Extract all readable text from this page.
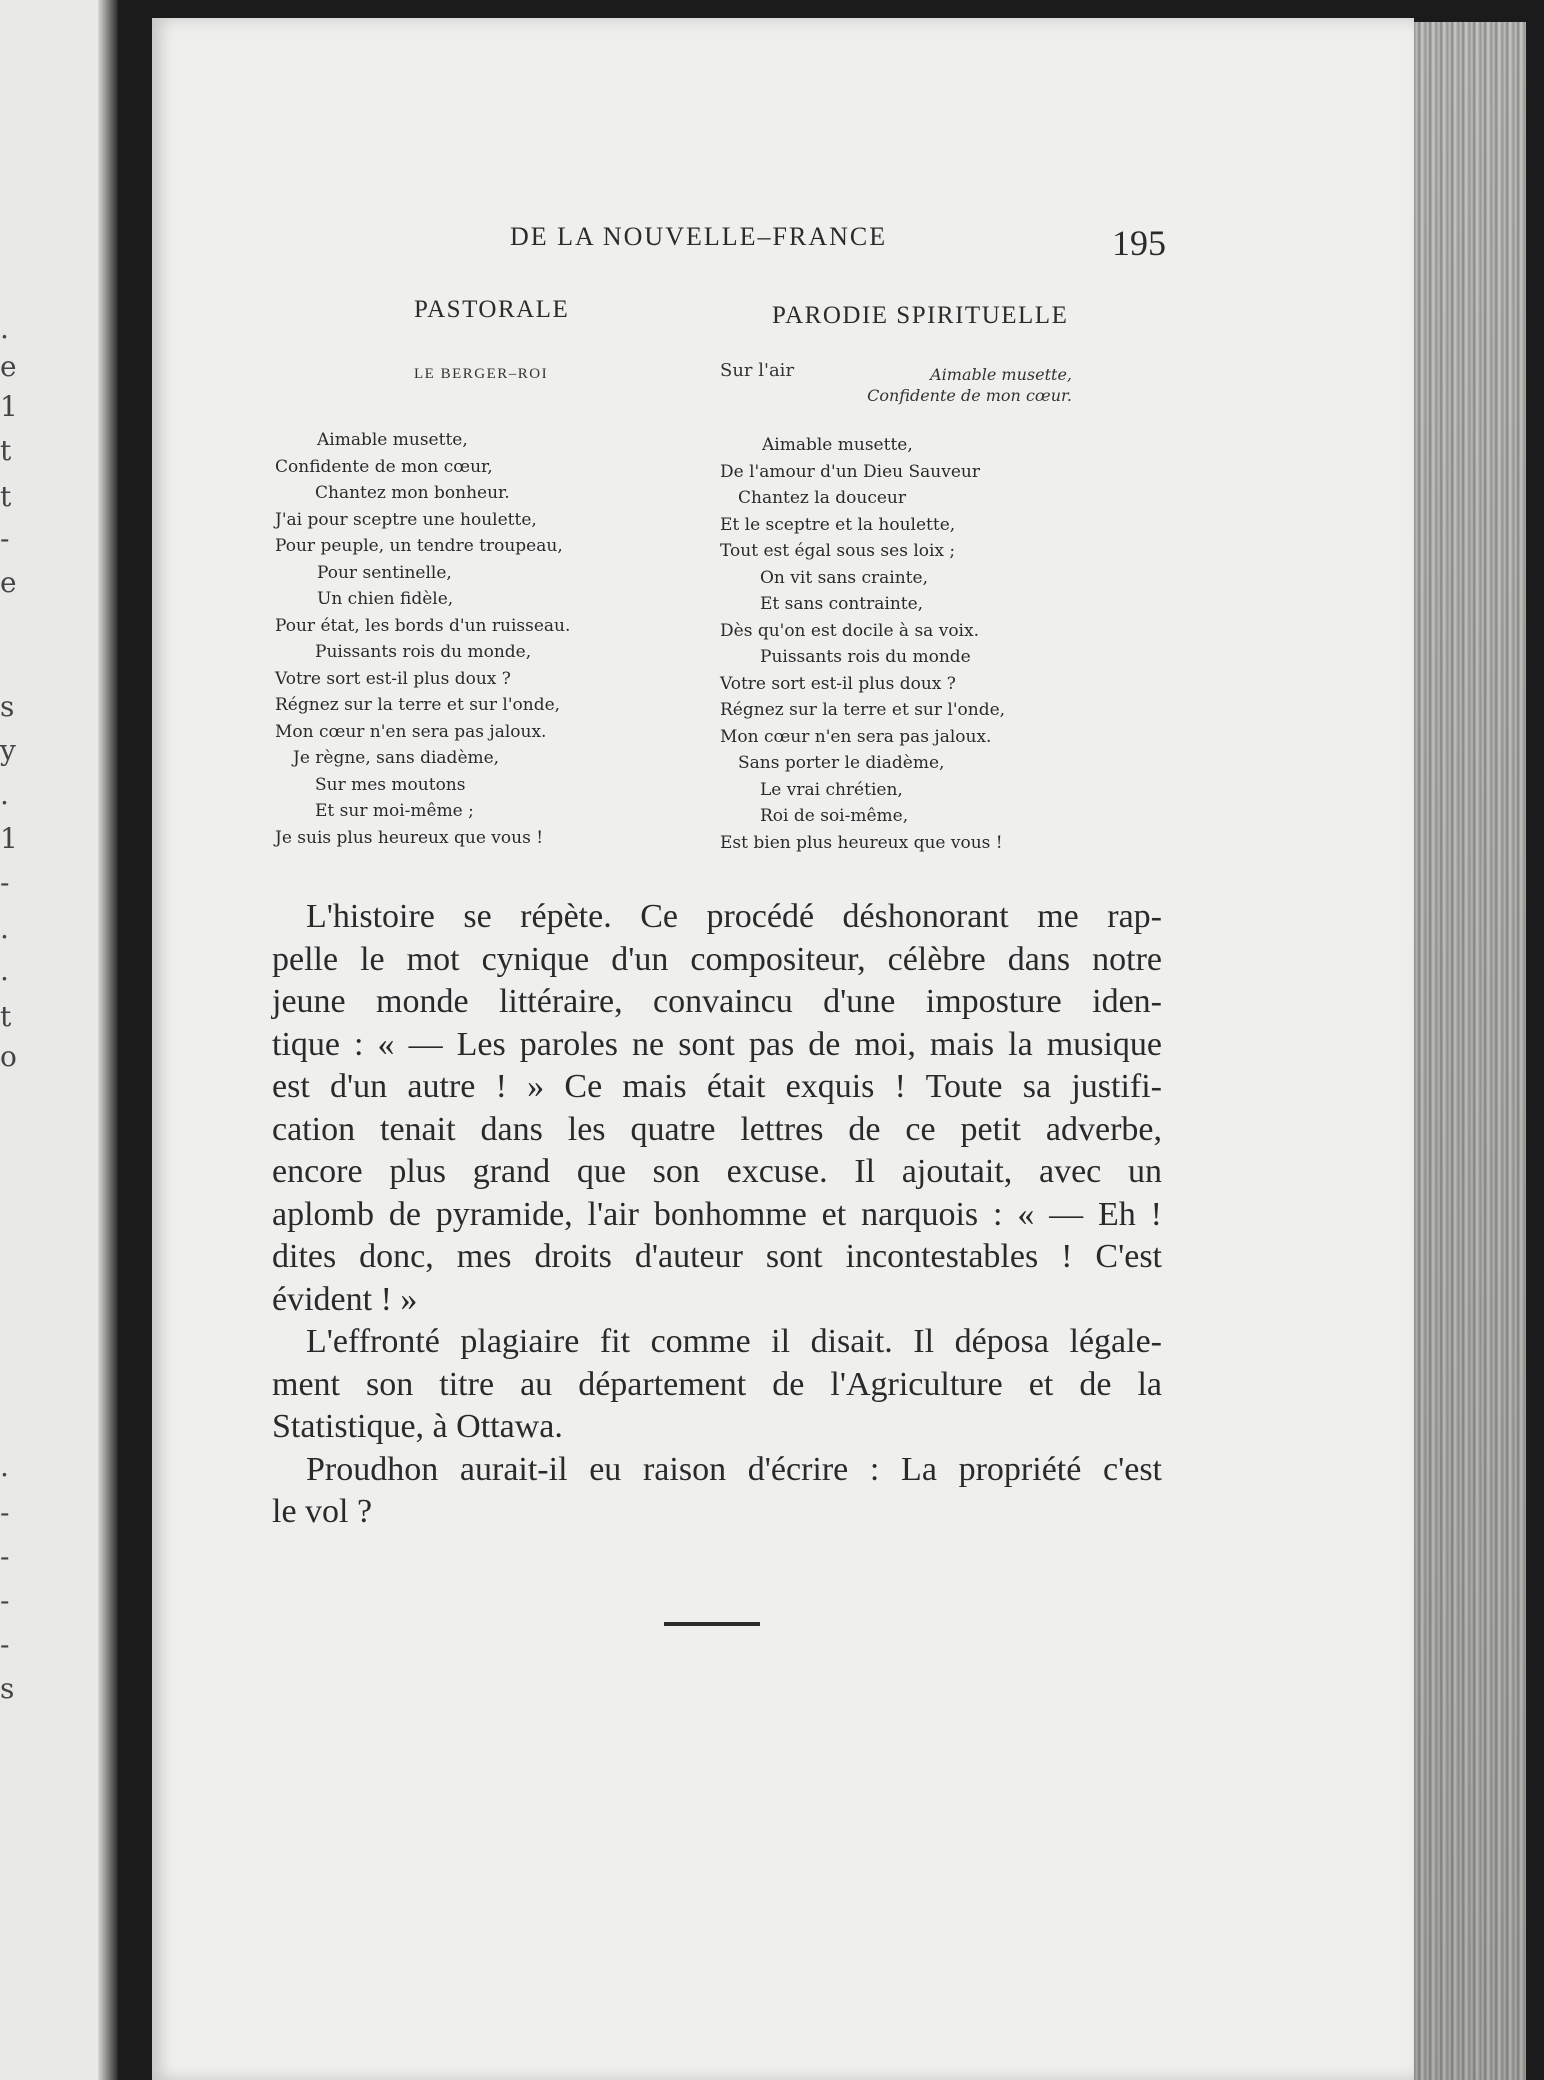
.
e
1
t
t
-
e
s
y
.
1
-
.
.
t
o
.
-
-
-
-
s
DE LA NOUVELLE–FRANCE	195
PASTORALE
LE BERGER–ROI
Aimable musette,
Confidente de mon cœur,
Chantez mon bonheur.
J'ai pour sceptre une houlette,
Pour peuple, un tendre troupeau,
Pour sentinelle,
Un chien fidèle,
Pour état, les bords d'un ruisseau.
Puissants rois du monde,
Votre sort est-il plus doux ?
Régnez sur la terre et sur l'onde,
Mon cœur n'en sera pas jaloux.
Je règne, sans diadème,
Sur mes moutons
Et sur moi-même ;
Je suis plus heureux que vous !
PARODIE SPIRITUELLE
Sur l'air	Aimable musette,
Confidente de mon cœur.
Aimable musette,
De l'amour d'un Dieu Sauveur
Chantez la douceur
Et le sceptre et la houlette,
Tout est égal sous ses loix ;
On vit sans crainte,
Et sans contrainte,
Dès qu'on est docile à sa voix.
Puissants rois du monde
Votre sort est-il plus doux ?
Régnez sur la terre et sur l'onde,
Mon cœur n'en sera pas jaloux.
Sans porter le diadème,
Le vrai chrétien,
Roi de soi-même,
Est bien plus heureux que vous !
L'histoire se répète. Ce procédé déshonorant me rap-
pelle le mot cynique d'un compositeur, célèbre dans notre
jeune monde littéraire, convaincu d'une imposture iden-
tique : « — Les paroles ne sont pas de moi, mais la musique
est d'un autre ! » Ce mais était exquis ! Toute sa justifi-
cation tenait dans les quatre lettres de ce petit adverbe,
encore plus grand que son excuse. Il ajoutait, avec un
aplomb de pyramide, l'air bonhomme et narquois : « — Eh !
dites donc, mes droits d'auteur sont incontestables ! C'est
évident ! »
L'effronté plagiaire fit comme il disait. Il déposa légale-
ment son titre au département de l'Agriculture et de la
Statistique, à Ottawa.
Proudhon aurait-il eu raison d'écrire : La propriété c'est
le vol ?
